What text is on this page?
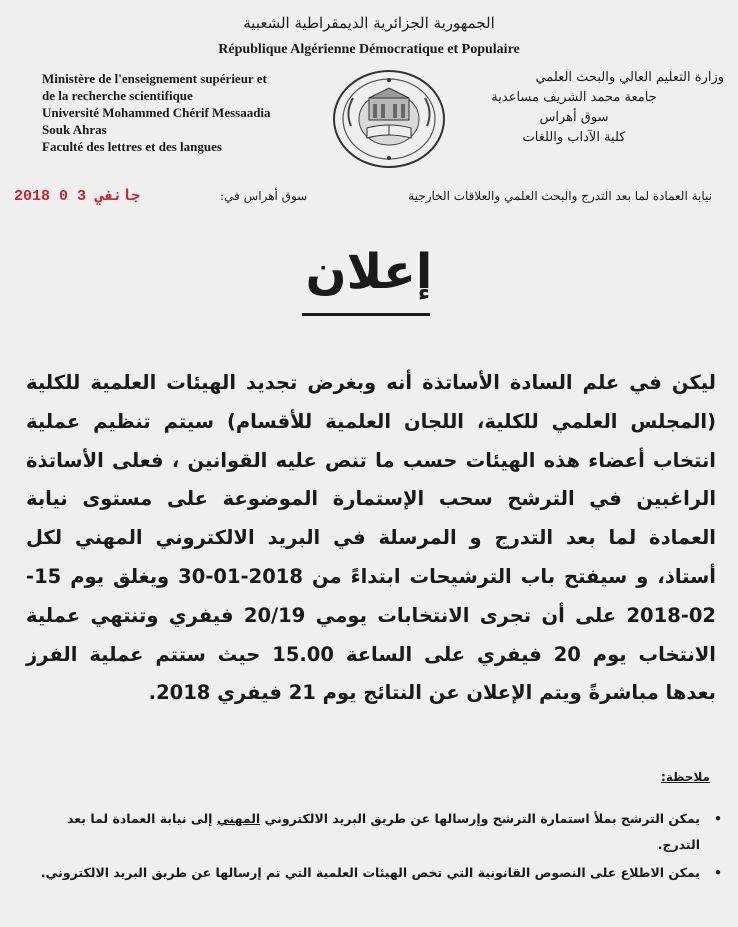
الجمهورية الجزائرية الديمقراطية الشعبية
République Algérienne Démocratique et Populaire
Ministère de l'enseignement supérieur et
de la recherche scientifique
Université Mohammed Chérif Messaadia
Souk Ahras
Faculté des lettres et des langues
وزارة التعليم العالي والبحث العلمي
جامعة محمد الشريف مساعدية
سوق أهراس
كلية الآداب واللغات
نيابة العمادة لما بعد التدرج والبحث العلمي والعلاقات الخارجية
سوق أهراس في:
2018 جانفي 3 0
إعلان
ليكن في علم السادة الأساتذة أنه وبغرض تجديد الهيئات العلمية للكلية (المجلس العلمي للكلية، اللجان العلمية للأقسام) سيتم تنظيم عملية انتخاب أعضاء هذه الهيئات حسب ما تنص عليه القوانين ، فعلى الأساتذة الراغبين في الترشح سحب الإستمارة الموضوعة على مستوى نيابة العمادة لما بعد التدرج و المرسلة في البريد الالكتروني المهني لكل أستاذ، و سيفتح باب الترشيحات ابتداءً من 2018-01-30 ويغلق يوم 15-02-2018 على أن تجرى الانتخابات يومي 20/19 فيفري وتنتهي عملية الانتخاب يوم 20 فيفري على الساعة 15.00 حيث ستتم عملية الفرز بعدها مباشرةً ويتم الإعلان عن النتائج يوم 21 فيفري 2018.
ملاحظة:
•
يمكن الترشح بملأ استمارة الترشح وإرسالها عن طريق البريد الالكتروني المهني إلى نيابة العمادة لما بعد التدرج.
•
يمكن الاطلاع على النصوص القانونية التي تخص الهيئات العلمية التي تم إرسالها عن طريق البريد الالكتروني.
